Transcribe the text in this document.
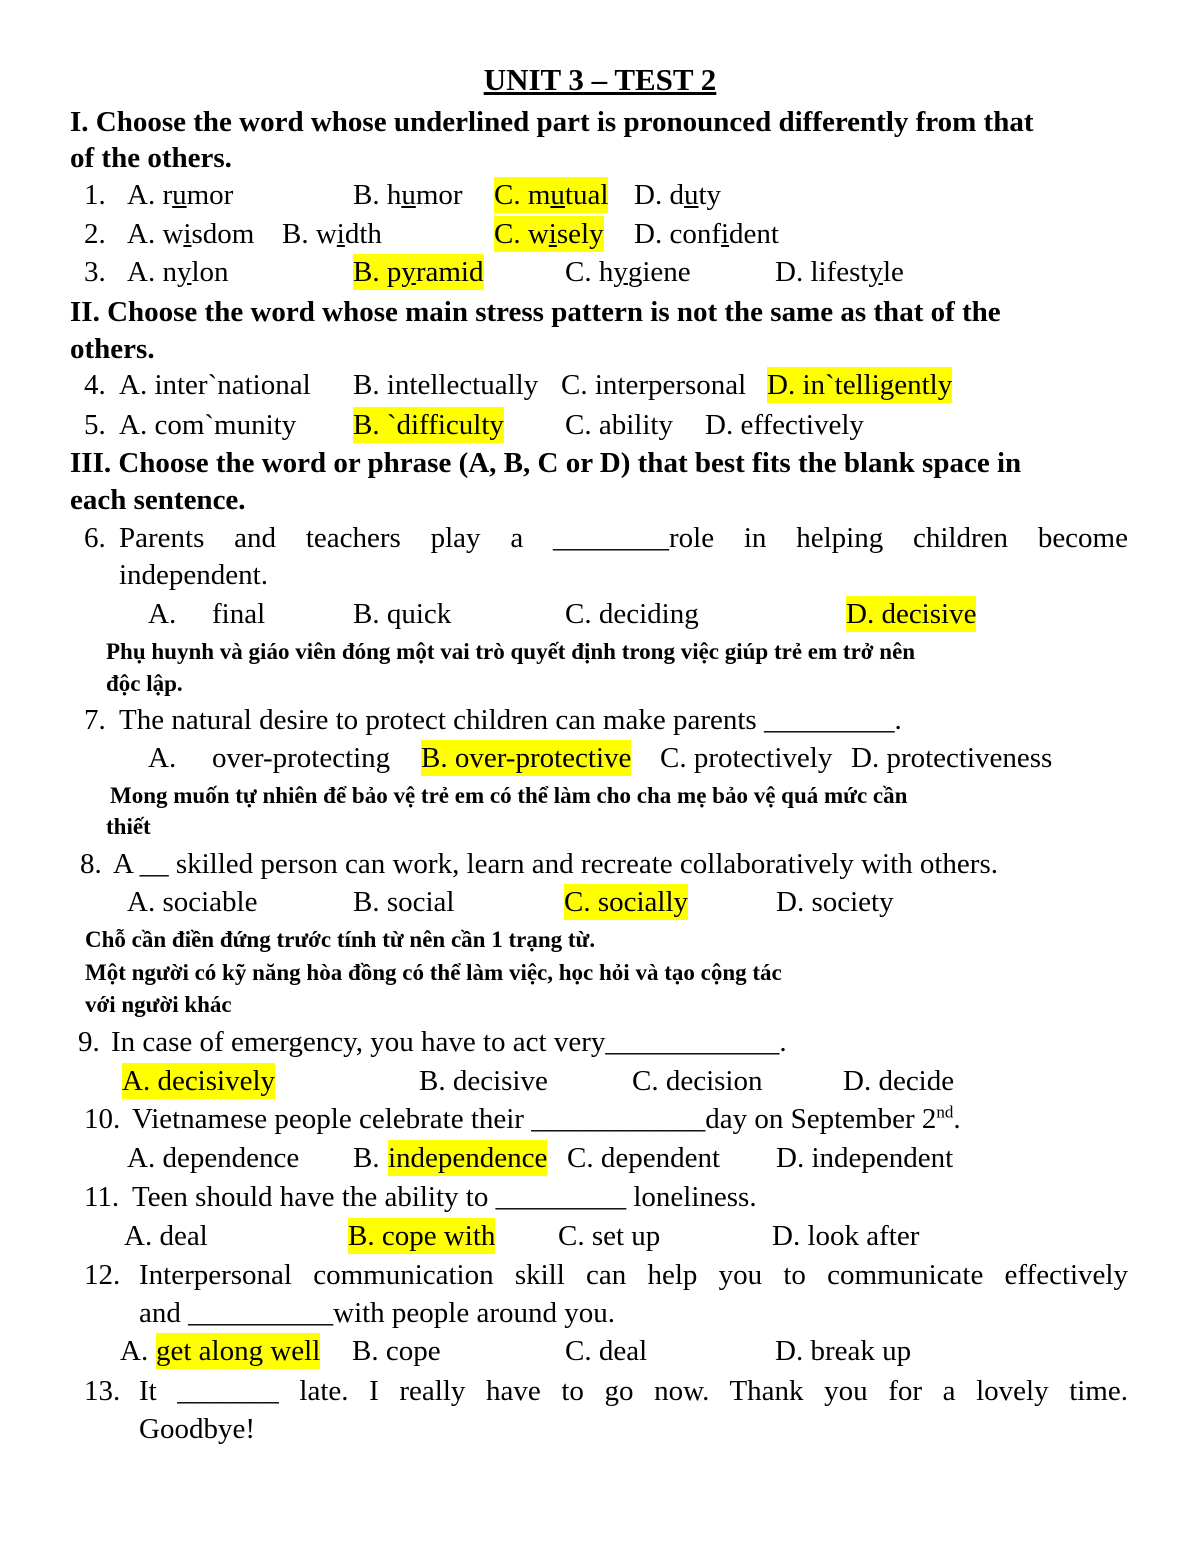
UNIT 3 – TEST 2
I. Choose the word whose underlined part is pronounced differently from that
of the others.
1. A. rumor	B. humor C. mutual D. duty
2. A. wisdom B. width	C. wisely D. confident
3. A. nylon	B. pyramid	C. hygiene	D. lifestyle
II. Choose the word whose main stress pattern is not the same as that of the
others.
4. A. inter`national B. intellectually C. interpersonal D. in`telligently
5. A. com`munity B. `difficulty C. ability D. effectively
III. Choose the word or phrase (A, B, C or D) that best fits the blank space in
each sentence.
6. Parents and teachers play a ________role in helping children become
independent.
A. final	B. quick	C. deciding	D. decisive
Phụ huynh và giáo viên đóng một vai trò quyết định trong việc giúp trẻ em trở nên
độc lập.
7. The natural desire to protect children can make parents _________.
A. over-protecting B. over-protective C. protectively D. protectiveness
Mong muốn tự nhiên để bảo vệ trẻ em có thể làm cho cha mẹ bảo vệ quá mức cần
thiết
8. A __ skilled person can work, learn and recreate collaboratively with others.
A. sociable	B. social	C. socially	D. society
Chỗ cần điền đứng trước tính từ nên cần 1 trạng từ.
Một người có kỹ năng hòa đồng có thể làm việc, học hỏi và tạo cộng tác
với người khác
9. In case of emergency, you have to act very____________.
A. decisively	B. decisive	C. decision	D. decide
10. Vietnamese people celebrate their ____________day on September 2nd.
A. dependence B. independence C. dependent D. independent
11. Teen should have the ability to _________ loneliness.
A. deal	B. cope with C. set up	D. look after
12. Interpersonal communication skill can help you to communicate effectively
and __________with people around you.
A. get along well B. cope	C. deal	D. break up
13. It _______ late. I really have to go now. Thank you for a lovely time.
Goodbye!
